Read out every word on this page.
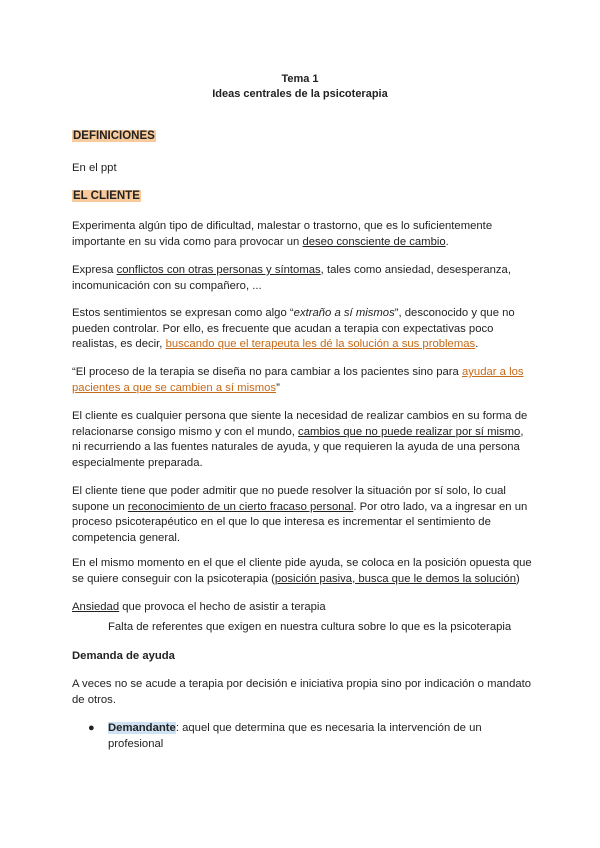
Tema 1

Ideas centrales de la psicoterapia

DEFINICIONES

En el ppt

EL CLIENTE

Experimenta algún tipo de dificultad, malestar o trastorno, que es lo suficientemente importante en su vida como para provocar un deseo consciente de cambio.

Expresa conflictos con otras personas y síntomas, tales como ansiedad, desesperanza, incomunicación con su compañero, ...

Estos sentimientos se expresan como algo “extraño a sí mismos”, desconocido y que no pueden controlar. Por ello, es frecuente que acudan a terapia con expectativas poco realistas, es decir, buscando que el terapeuta les dé la solución a sus problemas.

“El proceso de la terapia se diseña no para cambiar a los pacientes sino para ayudar a los pacientes a que se cambien a sí mismos”

El cliente es cualquier persona que siente la necesidad de realizar cambios en su forma de relacionarse consigo mismo y con el mundo, cambios que no puede realizar por sí mismo, ni recurriendo a las fuentes naturales de ayuda, y que requieren la ayuda de una persona especialmente preparada.

El cliente tiene que poder admitir que no puede resolver la situación por sí solo, lo cual supone un reconocimiento de un cierto fracaso personal. Por otro lado, va a ingresar en un proceso psicoterapéutico en el que lo que interesa es incrementar el sentimiento de competencia general.

En el mismo momento en el que el cliente pide ayuda, se coloca en la posición opuesta que se quiere conseguir con la psicoterapia (posición pasiva, busca que le demos la solución)

Ansiedad que provoca el hecho de asistir a terapia

Falta de referentes que exigen en nuestra cultura sobre lo que es la psicoterapia

Demanda de ayuda

A veces no se acude a terapia por decisión e iniciativa propia sino por indicación o mandato de otros.

● Demandante: aquel que determina que es necesaria la intervención de un profesional
